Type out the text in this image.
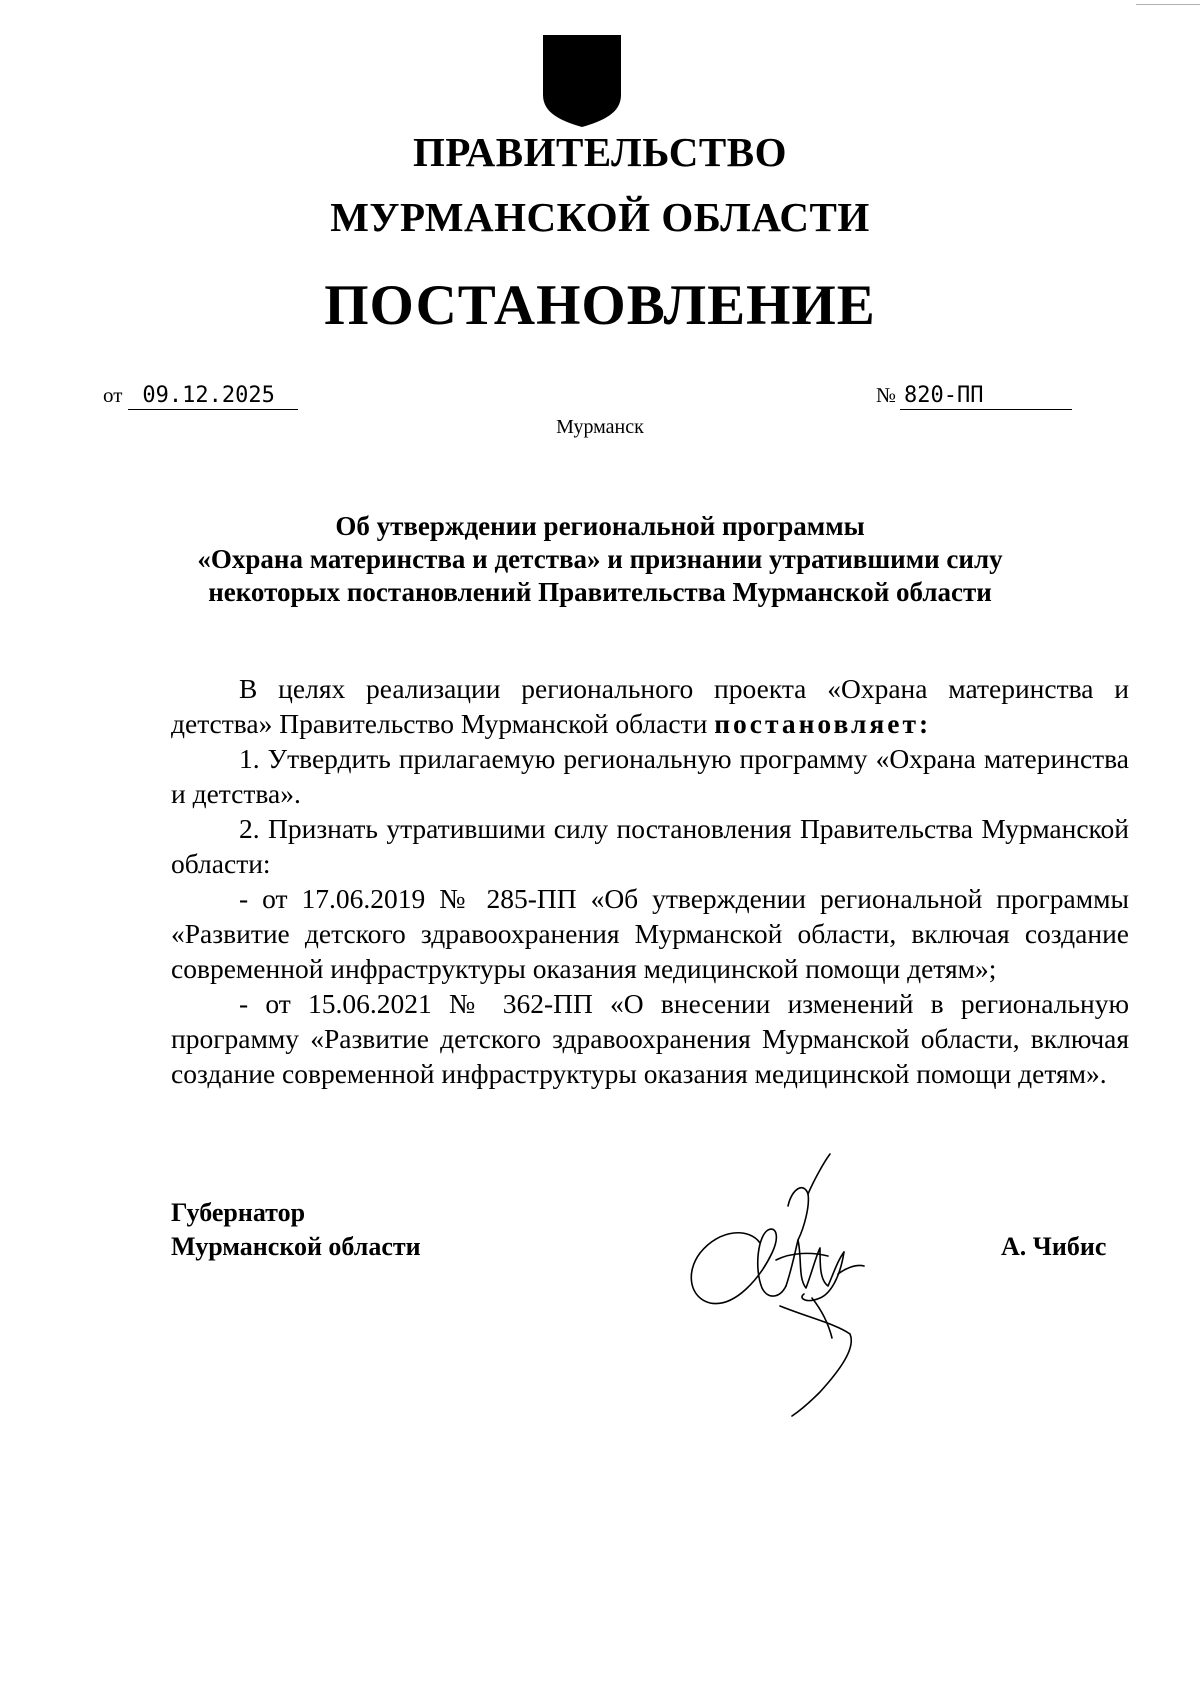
ПРАВИТЕЛЬСТВО
МУРМАНСКОЙ ОБЛАСТИ
ПОСТАНОВЛЕНИЕ
от 09.12.2025	№ 820-ПП
Мурманск
Об утверждении региональной программы
«Охрана материнства и детства» и признании утратившими силу
некоторых постановлений Правительства Мурманской области

В целях реализации регионального проекта «Охрана материнства и детства» Правительство Мурманской области постановляет:

1. Утвердить прилагаемую региональную программу «Охрана материнства и детства».

2. Признать утратившими силу постановления Правительства Мурманской области:

- от 17.06.2019 № 285-ПП «Об утверждении региональной программы «Развитие детского здравоохранения Мурманской области, включая создание современной инфраструктуры оказания медицинской помощи детям»;

- от 15.06.2021 № 362-ПП «О внесении изменений в региональную программу «Развитие детского здравоохранения Мурманской области, включая создание современной инфраструктуры оказания медицинской помощи детям».

Губернатор
Мурманской области	А. Чибис
